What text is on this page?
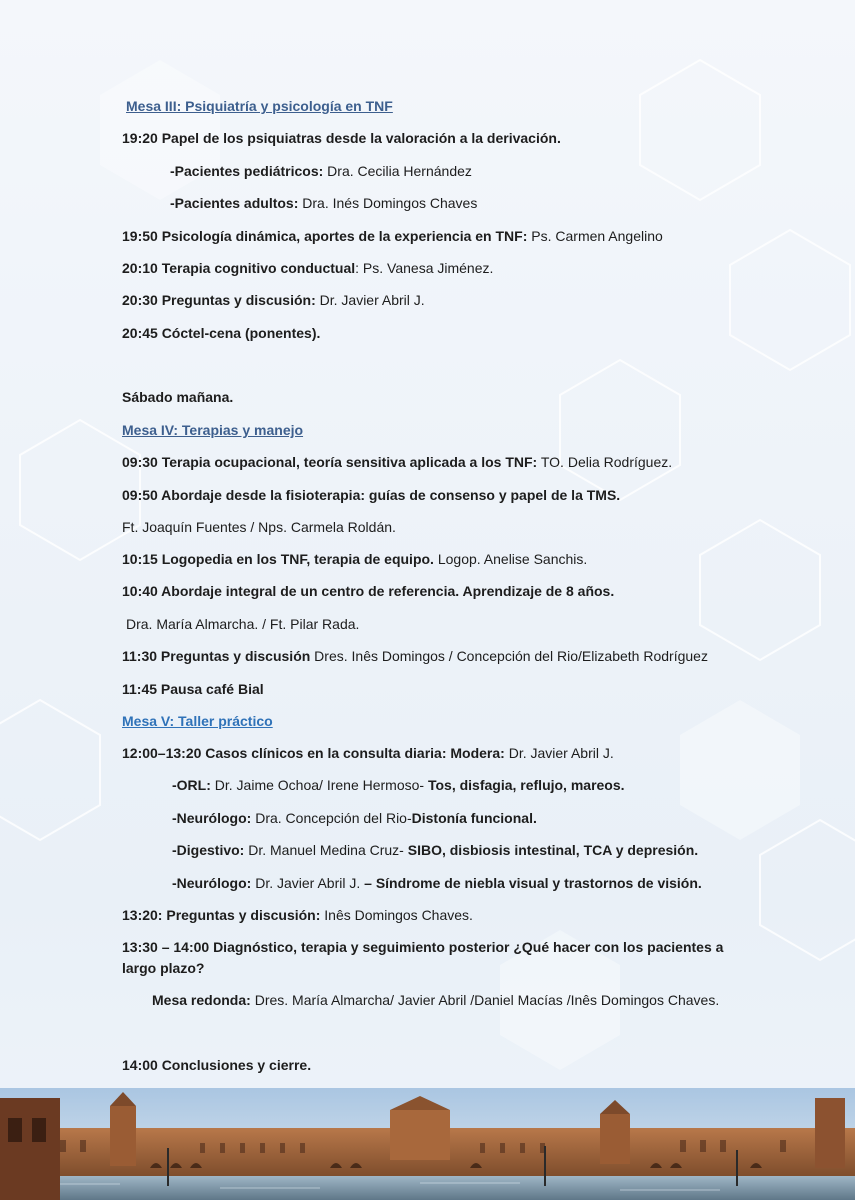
Mesa III: Psiquiatría y psicología en TNF
19:20 Papel de los psiquiatras desde la valoración a la derivación.
-Pacientes pediátricos: Dra. Cecilia Hernández
-Pacientes adultos: Dra. Inés Domingos Chaves
19:50 Psicología dinámica, aportes de la experiencia en TNF: Ps. Carmen Angelino
20:10 Terapia cognitivo conductual: Ps. Vanesa Jiménez.
20:30 Preguntas y discusión: Dr. Javier Abril J.
20:45 Cóctel-cena (ponentes).
Sábado mañana.
Mesa IV: Terapias y manejo
09:30 Terapia ocupacional, teoría sensitiva aplicada a los TNF: TO. Delia Rodríguez.
09:50 Abordaje desde la fisioterapia: guías de consenso y papel de la TMS.
Ft. Joaquín Fuentes / Nps. Carmela Roldán.
10:15 Logopedia en los TNF, terapia de equipo. Logop. Anelise Sanchis.
10:40 Abordaje integral de un centro de referencia. Aprendizaje de 8 años.
Dra. María Almarcha. / Ft. Pilar Rada.
11:30 Preguntas y discusión Dres. Inês Domingos / Concepción del Rio/Elizabeth Rodríguez
11:45 Pausa café Bial
Mesa V: Taller práctico
12:00–13:20 Casos clínicos en la consulta diaria: Modera: Dr. Javier Abril J.
-ORL: Dr. Jaime Ochoa/ Irene Hermoso- Tos, disfagia, reflujo, mareos.
-Neurólogo: Dra. Concepción del Rio-Distonía funcional.
-Digestivo: Dr. Manuel Medina Cruz- SIBO, disbiosis intestinal, TCA y depresión.
-Neurólogo: Dr. Javier Abril J. – Síndrome de niebla visual y trastornos de visión.
13:20: Preguntas y discusión: Inês Domingos Chaves.
13:30 – 14:00 Diagnóstico, terapia y seguimiento posterior ¿Qué hacer con los pacientes a
largo plazo?
Mesa redonda: Dres. María Almarcha/ Javier Abril /Daniel Macías /Inês Domingos Chaves.
14:00 Conclusiones y cierre.
